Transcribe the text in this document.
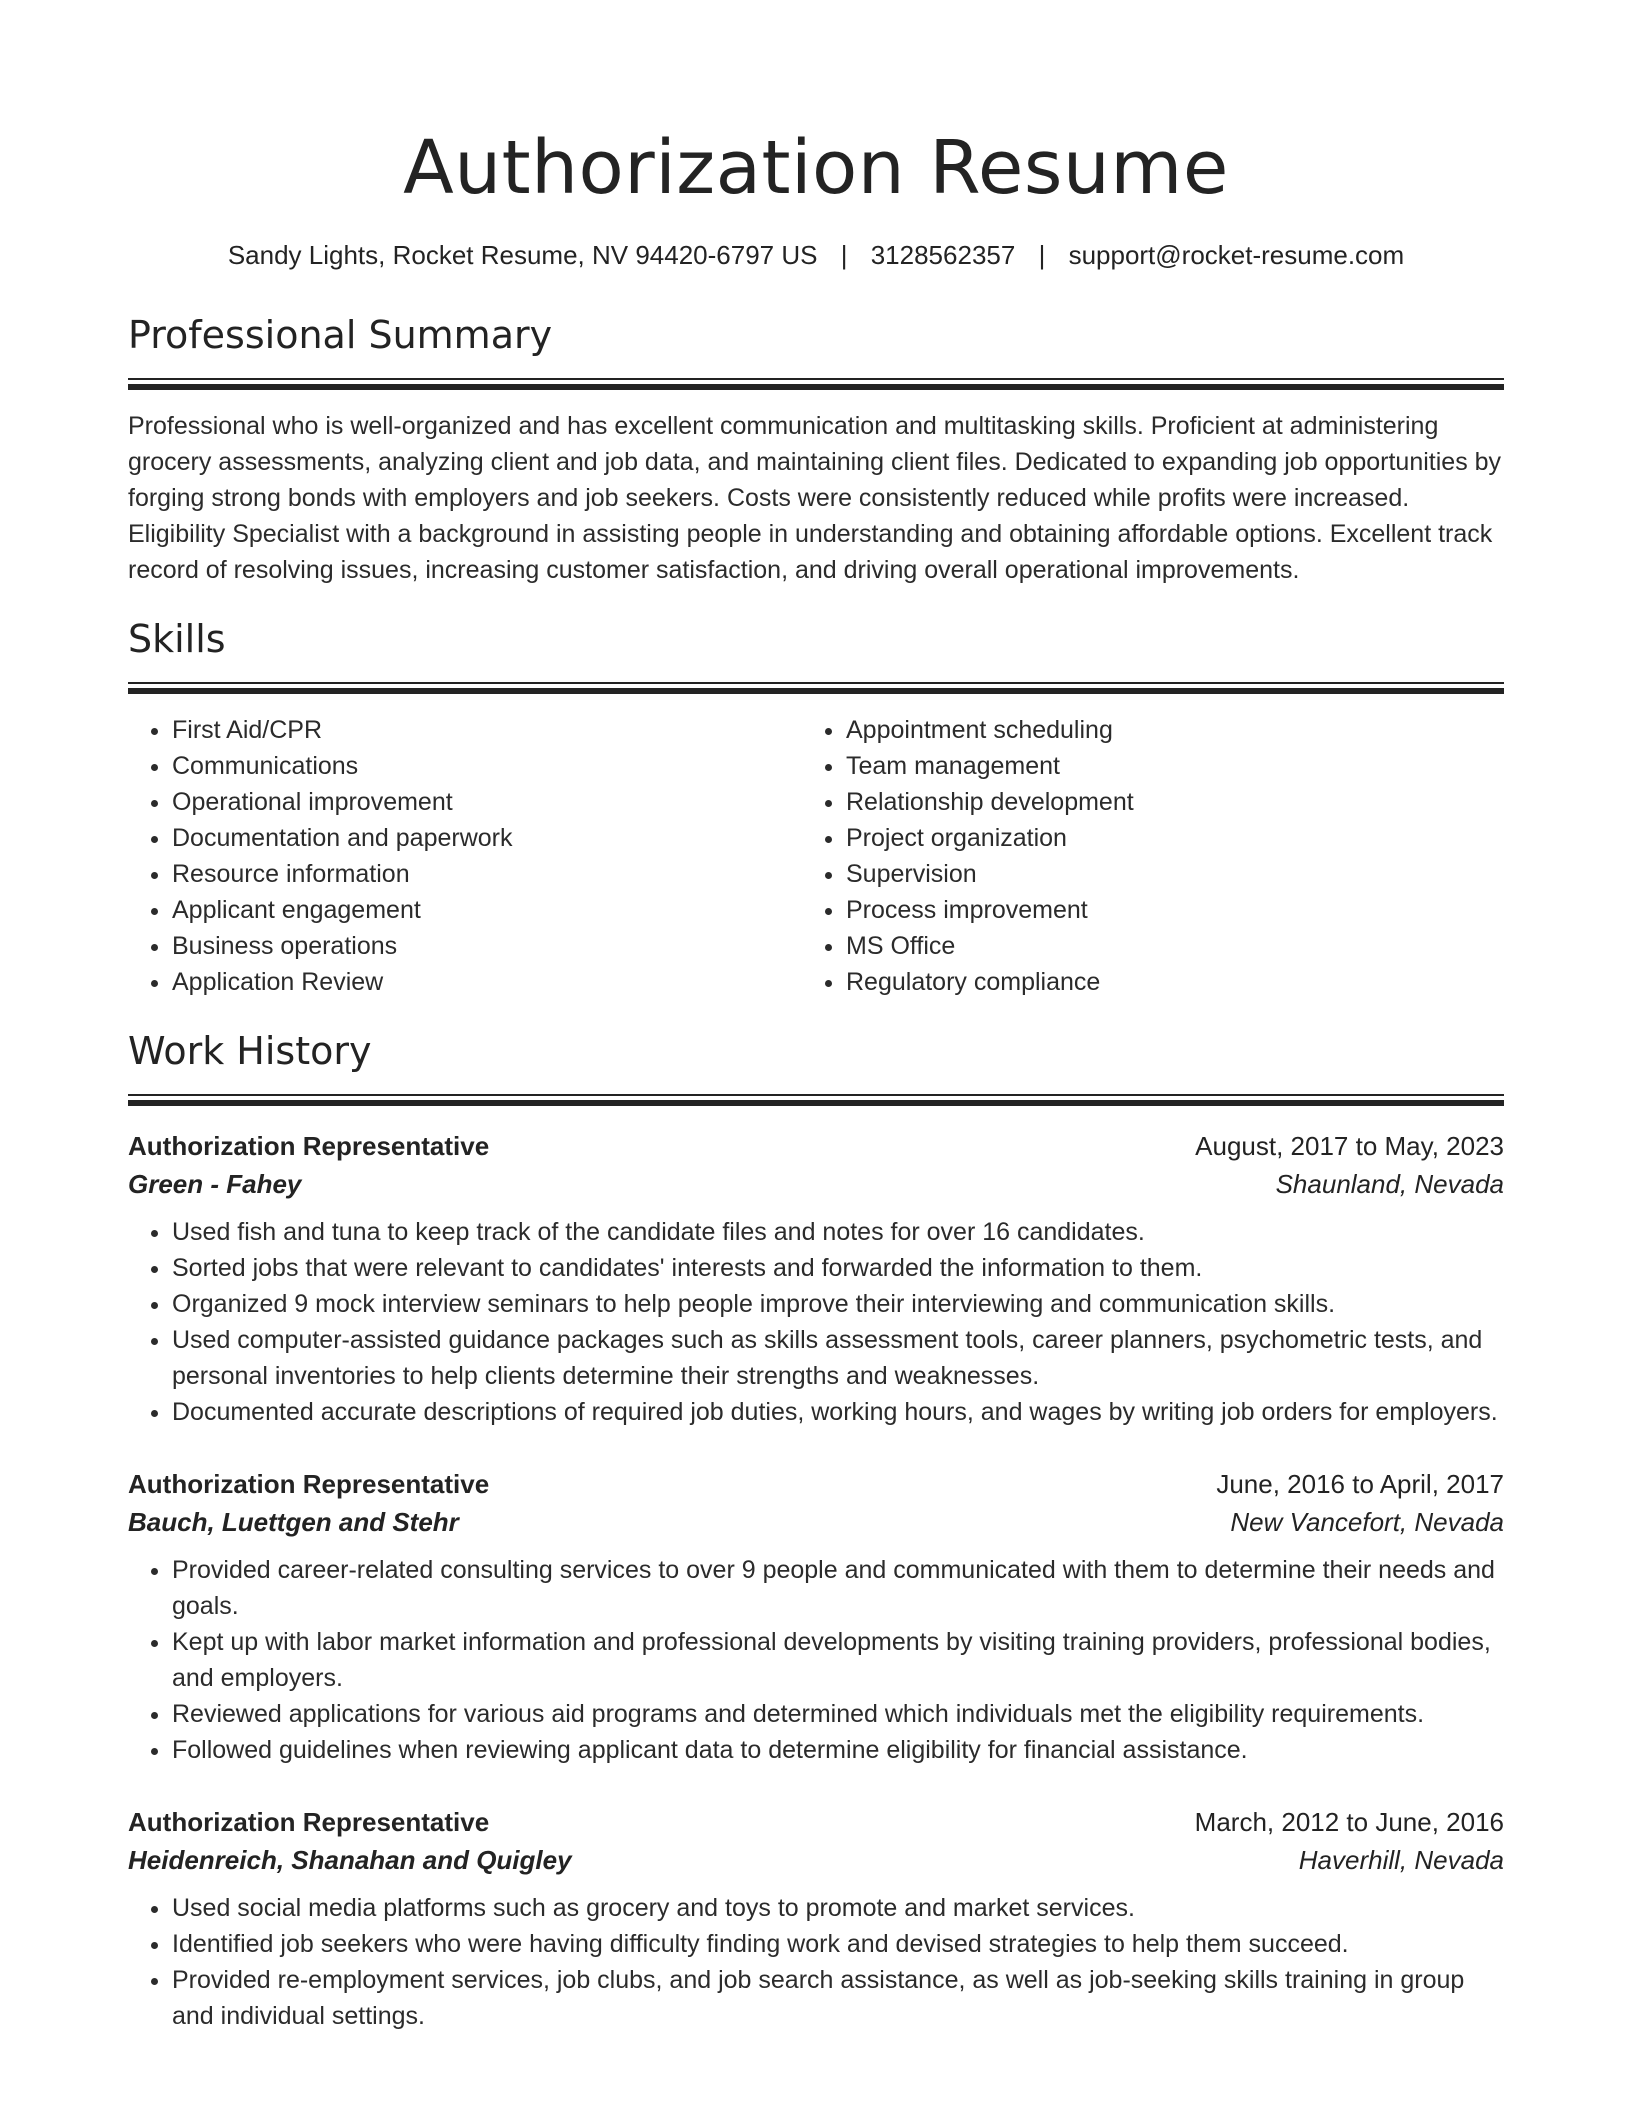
Authorization Resume
Sandy Lights, Rocket Resume, NV 94420-6797 US | 3128562357 | support@rocket-resume.com
Professional Summary
Professional who is well-organized and has excellent communication and multitasking skills. Proficient at administering grocery assessments, analyzing client and job data, and maintaining client files. Dedicated to expanding job opportunities by forging strong bonds with employers and job seekers. Costs were consistently reduced while profits were increased. Eligibility Specialist with a background in assisting people in understanding and obtaining affordable options. Excellent track record of resolving issues, increasing customer satisfaction, and driving overall operational improvements.
Skills
• First Aid/CPR
• Communications
• Operational improvement
• Documentation and paperwork
• Resource information
• Applicant engagement
• Business operations
• Application Review
• Appointment scheduling
• Team management
• Relationship development
• Project organization
• Supervision
• Process improvement
• MS Office
• Regulatory compliance
Work History
Authorization Representative	August, 2017 to May, 2023
Green - Fahey	Shaunland, Nevada
• Used fish and tuna to keep track of the candidate files and notes for over 16 candidates.
• Sorted jobs that were relevant to candidates' interests and forwarded the information to them.
• Organized 9 mock interview seminars to help people improve their interviewing and communication skills.
• Used computer-assisted guidance packages such as skills assessment tools, career planners, psychometric tests, and personal inventories to help clients determine their strengths and weaknesses.
• Documented accurate descriptions of required job duties, working hours, and wages by writing job orders for employers.
Authorization Representative	June, 2016 to April, 2017
Bauch, Luettgen and Stehr	New Vancefort, Nevada
• Provided career-related consulting services to over 9 people and communicated with them to determine their needs and goals.
• Kept up with labor market information and professional developments by visiting training providers, professional bodies, and employers.
• Reviewed applications for various aid programs and determined which individuals met the eligibility requirements.
• Followed guidelines when reviewing applicant data to determine eligibility for financial assistance.
Authorization Representative	March, 2012 to June, 2016
Heidenreich, Shanahan and Quigley	Haverhill, Nevada
• Used social media platforms such as grocery and toys to promote and market services.
• Identified job seekers who were having difficulty finding work and devised strategies to help them succeed.
• Provided re-employment services, job clubs, and job search assistance, as well as job-seeking skills training in group and individual settings.
